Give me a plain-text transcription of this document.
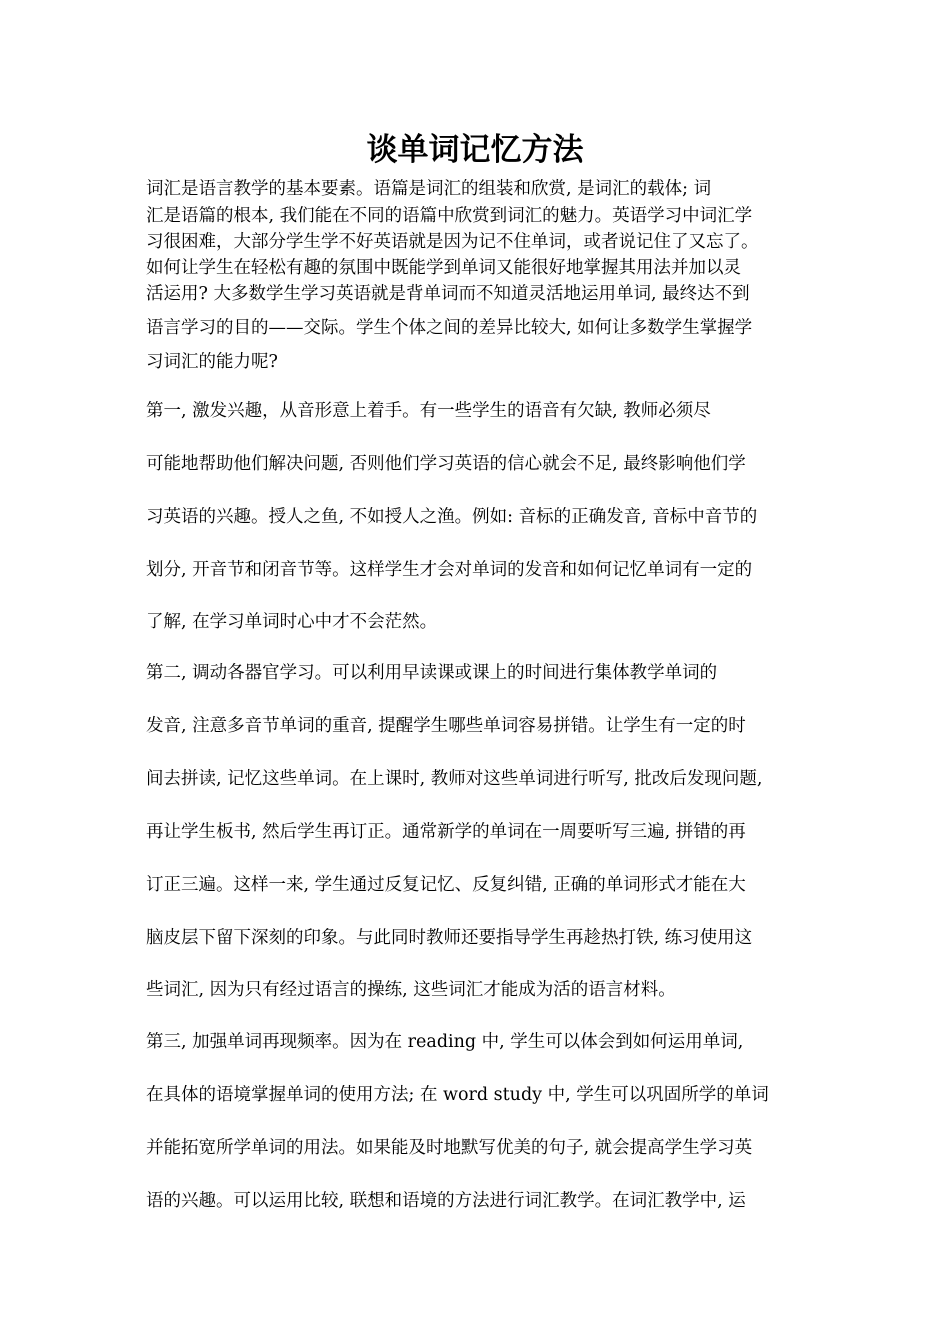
谈单词记忆方法
词汇是语言教学的基本要素。语篇是词汇的组装和欣赏, 是词汇的载体; 词
汇是语篇的根本, 我们能在不同的语篇中欣赏到词汇的魅力。英语学习中词汇学
习很困难，大部分学生学不好英语就是因为记不住单词，或者说记住了又忘了。
如何让学生在轻松有趣的氛围中既能学到单词又能很好地掌握其用法并加以灵
活运用? 大多数学生学习英语就是背单词而不知道灵活地运用单词, 最终达不到
语言学习的目的——交际。学生个体之间的差异比较大, 如何让多数学生掌握学
习词汇的能力呢?
第一, 激发兴趣，从音形意上着手。有一些学生的语音有欠缺, 教师必须尽
可能地帮助他们解决问题, 否则他们学习英语的信心就会不足, 最终影响他们学
习英语的兴趣。授人之鱼, 不如授人之渔。例如: 音标的正确发音, 音标中音节的
划分, 开音节和闭音节等。这样学生才会对单词的发音和如何记忆单词有一定的
了解, 在学习单词时心中才不会茫然。
第二, 调动各器官学习。可以利用早读课或课上的时间进行集体教学单词的
发音, 注意多音节单词的重音, 提醒学生哪些单词容易拼错。让学生有一定的时
间去拼读, 记忆这些单词。在上课时, 教师对这些单词进行听写, 批改后发现问题,
再让学生板书, 然后学生再订正。通常新学的单词在一周要听写三遍, 拼错的再
订正三遍。这样一来, 学生通过反复记忆、反复纠错, 正确的单词形式才能在大
脑皮层下留下深刻的印象。与此同时教师还要指导学生再趁热打铁, 练习使用这
些词汇, 因为只有经过语言的操练, 这些词汇才能成为活的语言材料。
第三, 加强单词再现频率。因为在 reading 中, 学生可以体会到如何运用单词,
在具体的语境掌握单词的使用方法; 在 word study 中, 学生可以巩固所学的单词
并能拓宽所学单词的用法。如果能及时地默写优美的句子, 就会提高学生学习英
语的兴趣。可以运用比较, 联想和语境的方法进行词汇教学。在词汇教学中, 运
